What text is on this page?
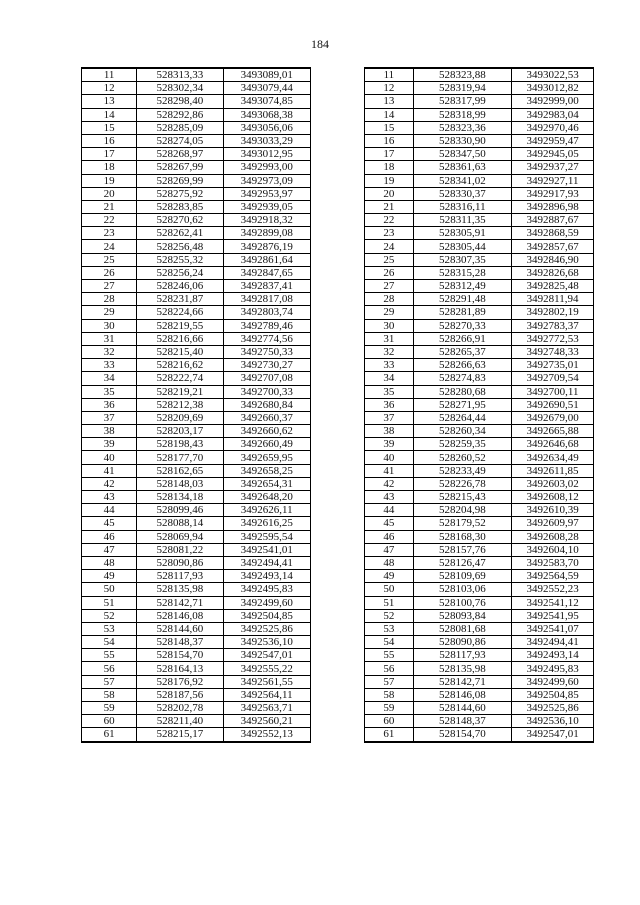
184
11	528313,33	3493089,01		11	528323,88	3493022,53
12	528302,34	3493079,44		12	528319,94	3493012,82
13	528298,40	3493074,85		13	528317,99	3492999,00
14	528292,86	3493068,38		14	528318,99	3492983,04
15	528285,09	3493056,06		15	528323,36	3492970,46
16	528274,05	3493033,29		16	528330,90	3492959,47
17	528268,97	3493012,95		17	528347,50	3492945,05
18	528267,99	3492993,00		18	528361,63	3492937,27
19	528269,99	3492973,09		19	528341,02	3492927,11
20	528275,92	3492953,97		20	528330,37	3492917,93
21	528283,85	3492939,05		21	528316,11	3492896,98
22	528270,62	3492918,32		22	528311,35	3492887,67
23	528262,41	3492899,08		23	528305,91	3492868,59
24	528256,48	3492876,19		24	528305,44	3492857,67
25	528255,32	3492861,64		25	528307,35	3492846,90
26	528256,24	3492847,65		26	528315,28	3492826,68
27	528246,06	3492837,41		27	528312,49	3492825,48
28	528231,87	3492817,08		28	528291,48	3492811,94
29	528224,66	3492803,74		29	528281,89	3492802,19
30	528219,55	3492789,46		30	528270,33	3492783,37
31	528216,66	3492774,56		31	528266,91	3492772,53
32	528215,40	3492750,33		32	528265,37	3492748,33
33	528216,62	3492730,27		33	528266,63	3492735,01
34	528222,74	3492707,08		34	528274,83	3492709,54
35	528219,21	3492700,33		35	528280,68	3492700,11
36	528212,38	3492680,84		36	528271,95	3492690,51
37	528209,69	3492660,37		37	528264,44	3492679,00
38	528203,17	3492660,62		38	528260,34	3492665,88
39	528198,43	3492660,49		39	528259,35	3492646,68
40	528177,70	3492659,95		40	528260,52	3492634,49
41	528162,65	3492658,25		41	528233,49	3492611,85
42	528148,03	3492654,31		42	528226,78	3492603,02
43	528134,18	3492648,20		43	528215,43	3492608,12
44	528099,46	3492626,11		44	528204,98	3492610,39
45	528088,14	3492616,25		45	528179,52	3492609,97
46	528069,94	3492595,54		46	528168,30	3492608,28
47	528081,22	3492541,01		47	528157,76	3492604,10
48	528090,86	3492494,41		48	528126,47	3492583,70
49	528117,93	3492493,14		49	528109,69	3492564,59
50	528135,98	3492495,83		50	528103,06	3492552,23
51	528142,71	3492499,60		51	528100,76	3492541,12
52	528146,08	3492504,85		52	528093,84	3492541,95
53	528144,60	3492525,86		53	528081,68	3492541,07
54	528148,37	3492536,10		54	528090,86	3492494,41
55	528154,70	3492547,01		55	528117,93	3492493,14
56	528164,13	3492555,22		56	528135,98	3492495,83
57	528176,92	3492561,55		57	528142,71	3492499,60
58	528187,56	3492564,11		58	528146,08	3492504,85
59	528202,78	3492563,71		59	528144,60	3492525,86
60	528211,40	3492560,21		60	528148,37	3492536,10
61	528215,17	3492552,13		61	528154,70	3492547,01
